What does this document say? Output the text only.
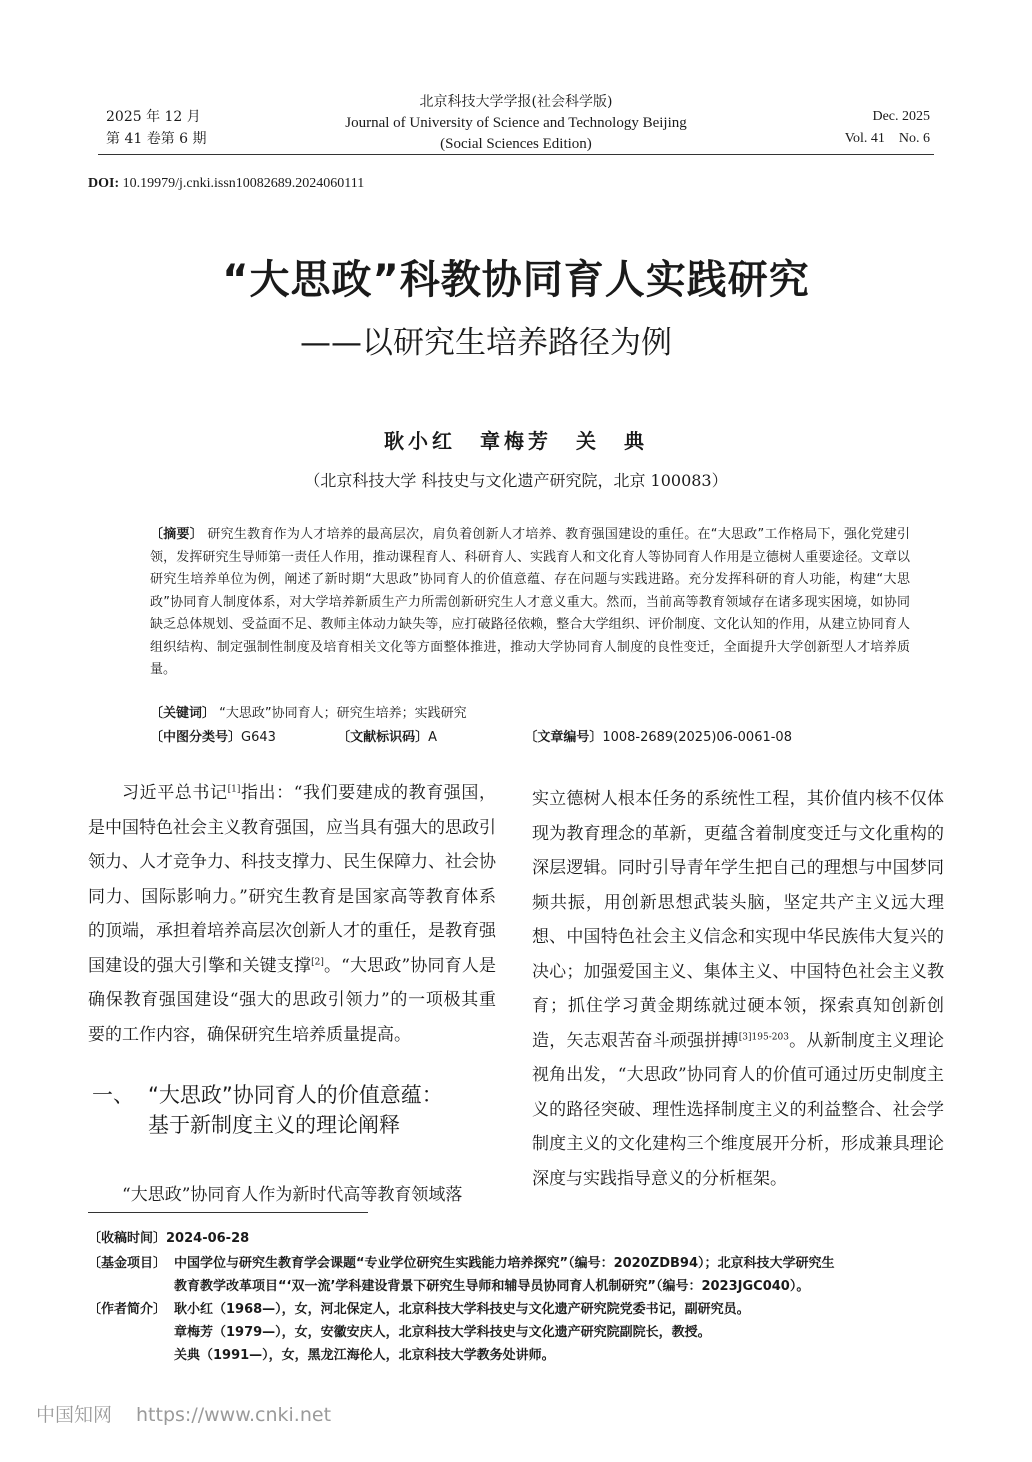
2025 年 12 月
第 41 卷第 6 期
北京科技大学学报(社会科学版)
Journal of University of Science and Technology Beijing
(Social Sciences Edition)
Dec. 2025
Vol. 41    No. 6
DOI: 10.19979/j.cnki.issn10082689.2024060111
“大思政”科教协同育人实践研究
——以研究生培养路径为例
耿小红　章梅芳　关　典
（北京科技大学 科技史与文化遗产研究院，北京 100083）
〔摘要〕 研究生教育作为人才培养的最高层次，肩负着创新人才培养、教育强国建设的重任。在“大思政”工作格局下，强化党建引领，发挥研究生导师第一责任人作用，推动课程育人、科研育人、实践育人和文化育人等协同育人作用是立德树人重要途径。文章以研究生培养单位为例，阐述了新时期“大思政”协同育人的价值意蕴、存在问题与实践进路。充分发挥科研的育人功能，构建“大思政”协同育人制度体系，对大学培养新质生产力所需创新研究生人才意义重大。然而，当前高等教育领域存在诸多现实困境，如协同缺乏总体规划、受益面不足、教师主体动力缺失等，应打破路径依赖，整合大学组织、评价制度、文化认知的作用，从建立协同育人组织结构、制定强制性制度及培育相关文化等方面整体推进，推动大学协同育人制度的良性变迁，全面提升大学创新型人才培养质量。
〔关键词〕 “大思政”协同育人；研究生培养；实践研究
〔中图分类号〕G643	〔文献标识码〕A	〔文章编号〕1008-2689(2025)06-0061-08
习近平总书记[1]指出：“我们要建成的教育强国，是中国特色社会主义教育强国，应当具有强大的思政引领力、人才竞争力、科技支撑力、民生保障力、社会协同力、国际影响力。”研究生教育是国家高等教育体系的顶端，承担着培养高层次创新人才的重任，是教育强国建设的强大引擎和关键支撑[2]。“大思政”协同育人是确保教育强国建设“强大的思政引领力”的一项极其重要的工作内容，确保研究生培养质量提高。
一、 “大思政”协同育人的价值意蕴：
基于新制度主义的理论阐释
“大思政”协同育人作为新时代高等教育领域落
实立德树人根本任务的系统性工程，其价值内核不仅体现为教育理念的革新，更蕴含着制度变迁与文化重构的深层逻辑。同时引导青年学生把自己的理想与中国梦同频共振，用创新思想武装头脑，坚定共产主义远大理想、中国特色社会主义信念和实现中华民族伟大复兴的决心；加强爱国主义、集体主义、中国特色社会主义教育；抓住学习黄金期练就过硬本领，探索真知创新创造，矢志艰苦奋斗顽强拼搏$^{[3]195-203}$。从新制度主义理论视角出发，“大思政”协同育人的价值可通过历史制度主义的路径突破、理性选择制度主义的利益整合、社会学制度主义的文化建构三个维度展开分析，形成兼具理论深度与实践指导意义的分析框架。
〔收稿时间〕2024-06-28
〔基金项目〕 中国学位与研究生教育学会课题“专业学位研究生实践能力培养探究”（编号：2020ZDB94）；北京科技大学研究生
教育教学改革项目“‘双一流’学科建设背景下研究生导师和辅导员协同育人机制研究”（编号：2023JGC040）。
〔作者简介〕 耿小红（1968—），女，河北保定人，北京科技大学科技史与文化遗产研究院党委书记，副研究员。
章梅芳（1979—），女，安徽安庆人，北京科技大学科技史与文化遗产研究院副院长，教授。
关典（1991—），女，黑龙江海伦人，北京科技大学教务处讲师。
中国知网 https://www.cnki.net
